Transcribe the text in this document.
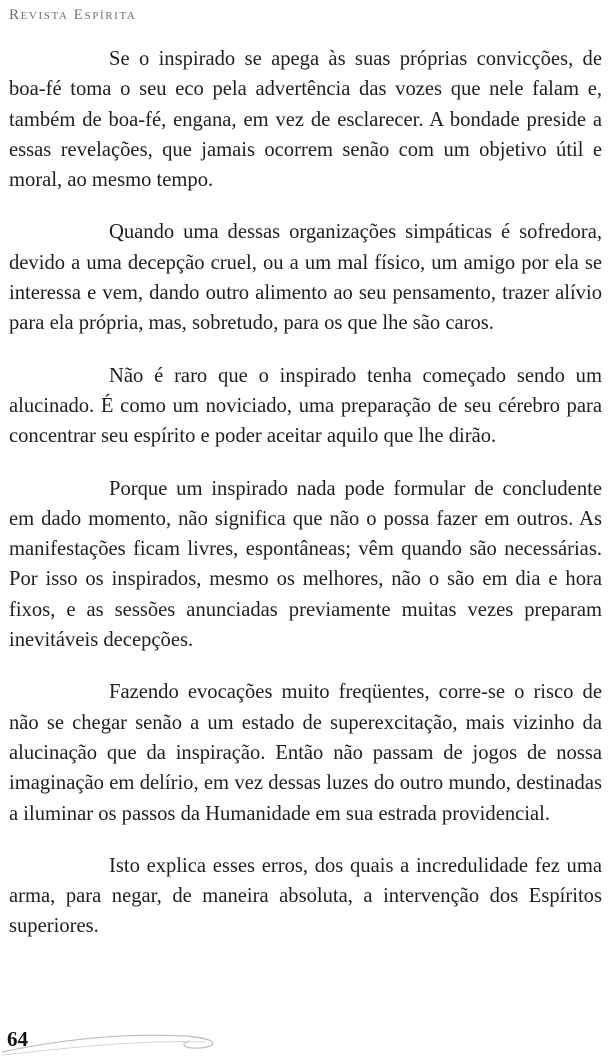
Revista Espírita

Se o inspirado se apega às suas próprias convicções, de boa-fé toma o seu eco pela advertência das vozes que nele falam e, também de boa-fé, engana, em vez de esclarecer. A bondade preside a essas revelações, que jamais ocorrem senão com um objetivo útil e moral, ao mesmo tempo.

Quando uma dessas organizações simpáticas é sofredora, devido a uma decepção cruel, ou a um mal físico, um amigo por ela se interessa e vem, dando outro alimento ao seu pensamento, trazer alívio para ela própria, mas, sobretudo, para os que lhe são caros.

Não é raro que o inspirado tenha começado sendo um alucinado. É como um noviciado, uma preparação de seu cérebro para concentrar seu espírito e poder aceitar aquilo que lhe dirão.

Porque um inspirado nada pode formular de concludente em dado momento, não significa que não o possa fazer em outros. As manifestações ficam livres, espontâneas; vêm quando são necessárias. Por isso os inspirados, mesmo os melhores, não o são em dia e hora fixos, e as sessões anunciadas previamente muitas vezes preparam inevitáveis decepções.

Fazendo evocações muito freqüentes, corre-se o risco de não se chegar senão a um estado de superexcitação, mais vizinho da alucinação que da inspiração. Então não passam de jogos de nossa imaginação em delírio, em vez dessas luzes do outro mundo, destinadas a iluminar os passos da Humanidade em sua estrada providencial.

Isto explica esses erros, dos quais a incredulidade fez uma arma, para negar, de maneira absoluta, a intervenção dos Espíritos superiores.

64
